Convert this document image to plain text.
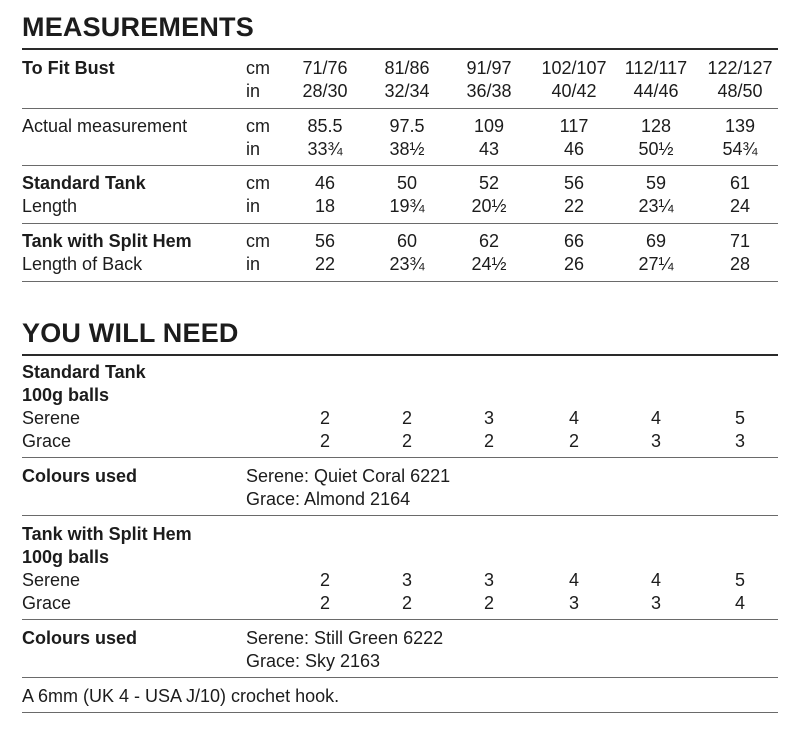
MEASUREMENTS
To Fit Bust	cm	71/76	81/86	91/97	102/107	112/117	122/127
in	28/30	32/34	36/38	40/42	44/46	48/50
Actual measurement	cm	85.5	97.5	109	117	128	139
in	33¾	38½	43	46	50½	54¾
Standard Tank	cm	46	50	52	56	59	61
Length	in	18	19¾	20½	22	23¼	24
Tank with Split Hem	cm	56	60	62	66	69	71
Length of Back	in	22	23¾	24½	26	27¼	28
YOU WILL NEED
Standard Tank
100g balls
Serene	2	2	3	4	4	5
Grace	2	2	2	2	3	3
Colours used	Serene: Quiet Coral 6221
Grace: Almond 2164
Tank with Split Hem
100g balls
Serene	2	3	3	4	4	5
Grace	2	2	2	3	3	4
Colours used	Serene: Still Green 6222
Grace: Sky 2163
A 6mm (UK 4 - USA J/10) crochet hook.
